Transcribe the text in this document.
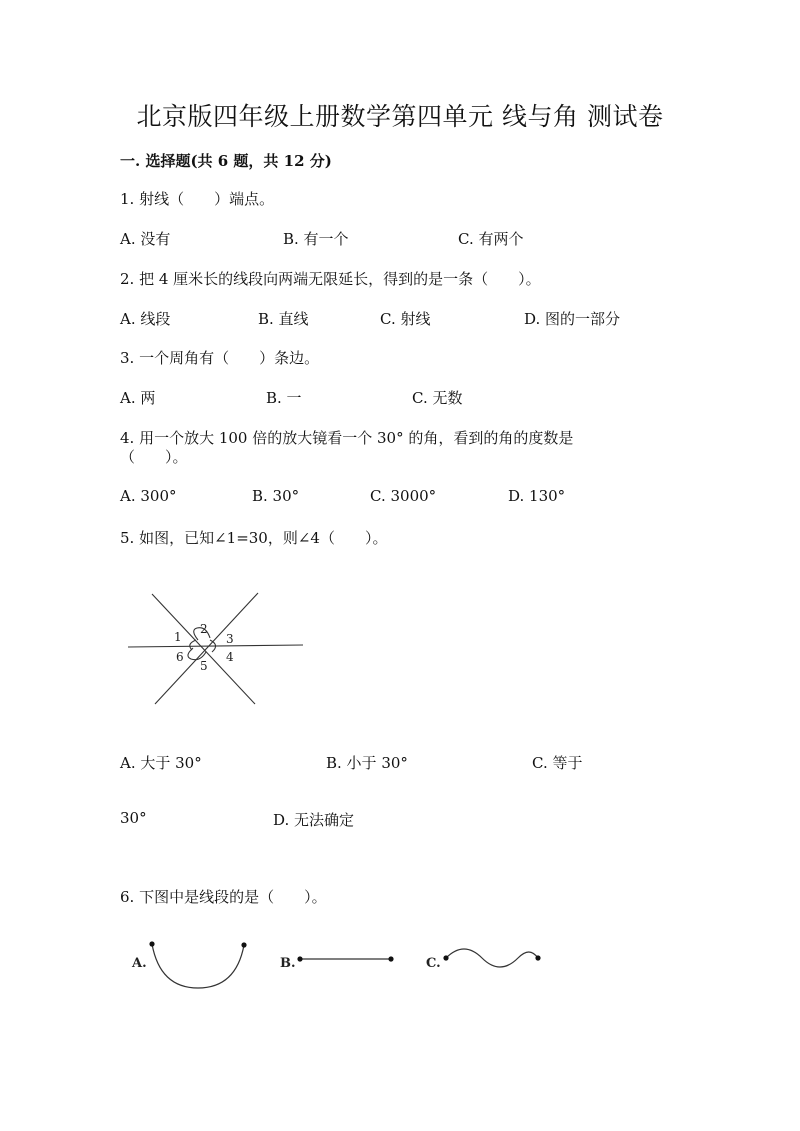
北京版四年级上册数学第四单元 线与角 测试卷
一. 选择题(共 6 题，共 12 分)
1. 射线（　　）端点。
A. 没有	B. 有一个	C. 有两个
2. 把 4 厘米长的线段向两端无限延长，得到的是一条（　　）。
A. 线段	B. 直线	C. 射线	D. 图的一部分
3. 一个周角有（　　）条边。
A. 两	B. 一	C. 无数
4. 用一个放大 100 倍的放大镜看一个 30° 的角，看到的角的度数是
（　　）。
A. 300°	B. 30°	C. 3000°	D. 130°
5. 如图，已知∠1=30，则∠4（　　）。
1
2
3
4
5
6
A. 大于 30°	B. 小于 30°	C. 等于
30°	D. 无法确定
6. 下图中是线段的是（　　）。
A.	B.	C.
